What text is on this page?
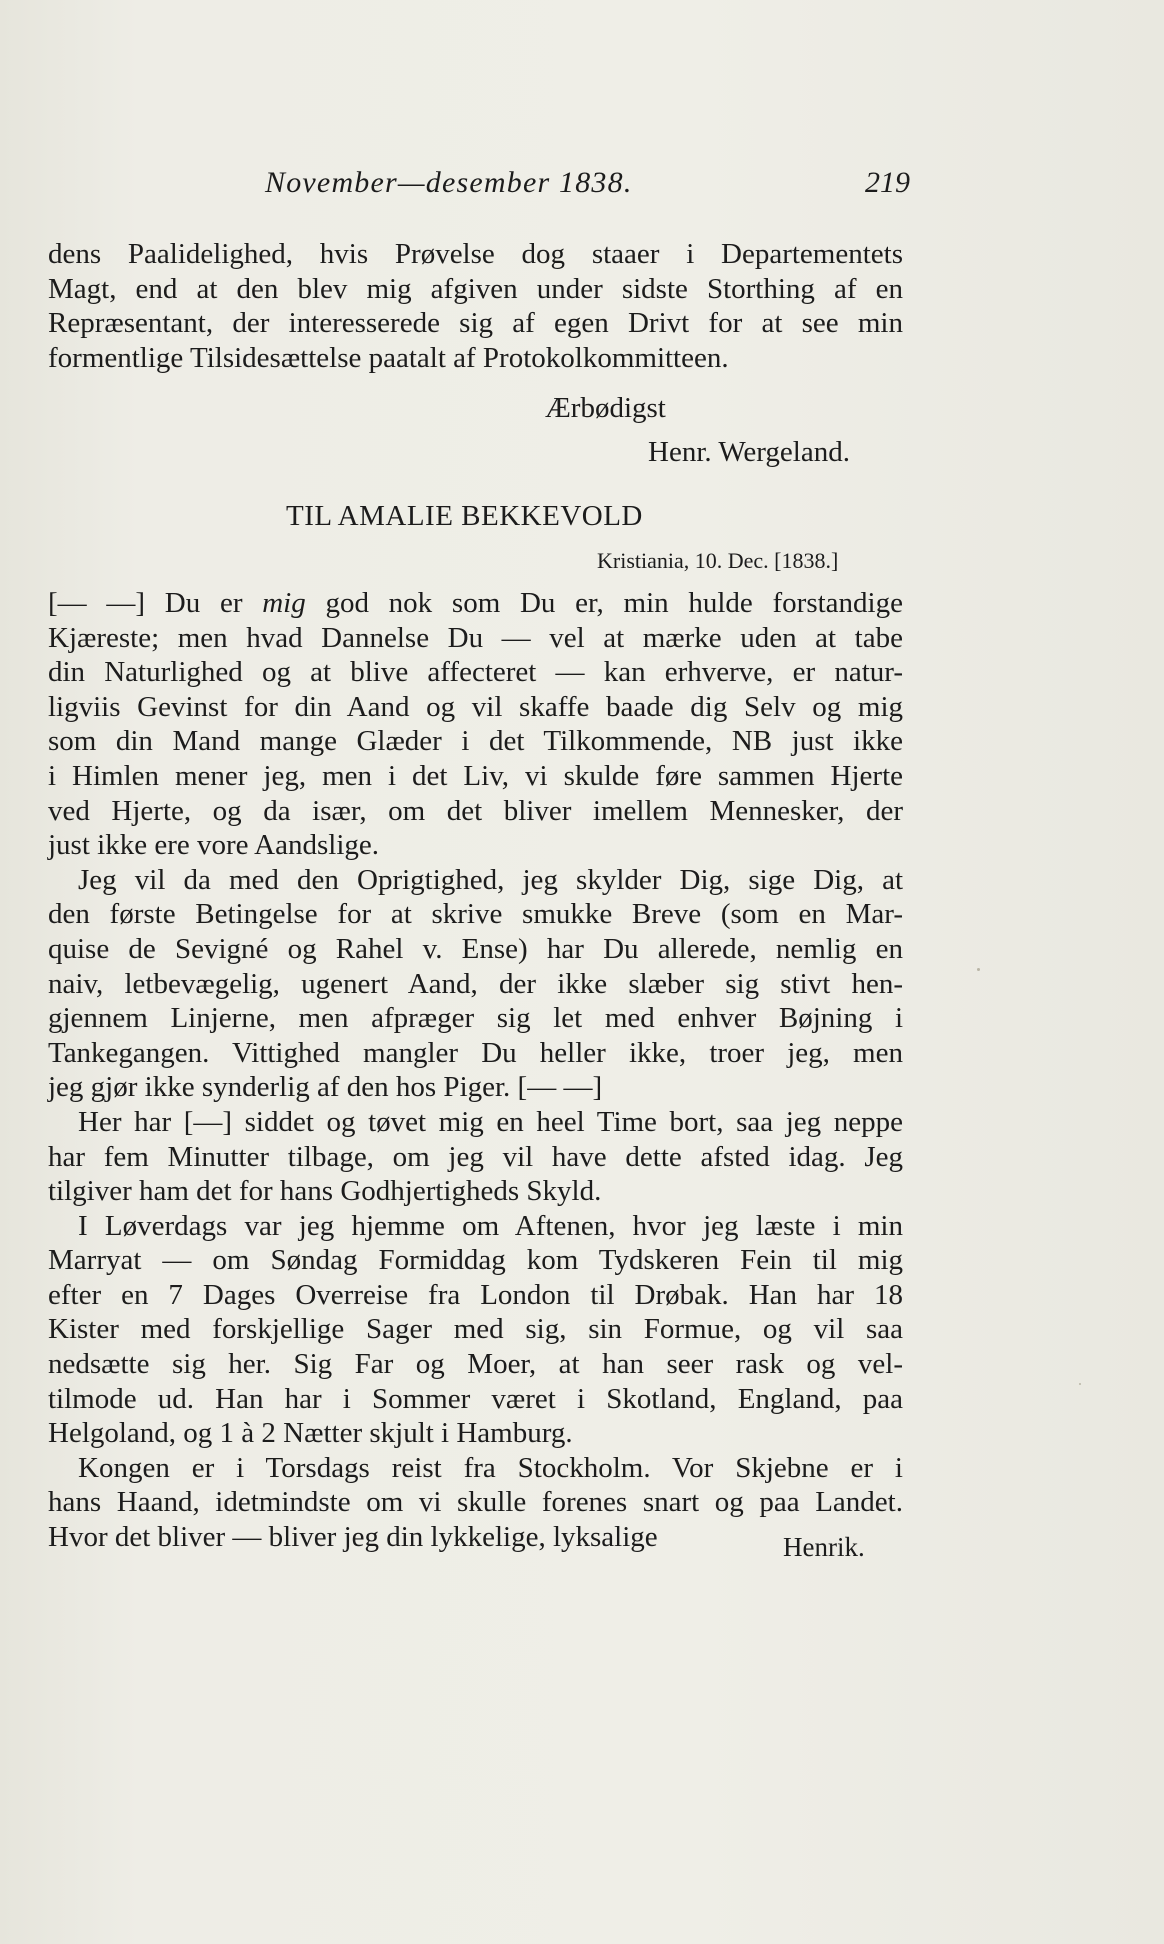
November—desember 1838.	219
dens Paalidelighed, hvis Prøvelse dog staaer i Departementets
Magt, end at den blev mig afgiven under sidste Storthing af en
Repræsentant, der interesserede sig af egen Drivt for at see min
formentlige Tilsidesættelse paatalt af Protokolkommitteen.
Ærbødigst
Henr. Wergeland.
TIL AMALIE BEKKEVOLD
Kristiania, 10. Dec. [1838.]
[— —] Du er mig god nok som Du er, min hulde forstandige
Kjæreste; men hvad Dannelse Du — vel at mærke uden at tabe
din Naturlighed og at blive affecteret — kan erhverve, er natur-
ligviis Gevinst for din Aand og vil skaffe baade dig Selv og mig
som din Mand mange Glæder i det Tilkommende, NB just ikke
i Himlen mener jeg, men i det Liv, vi skulde føre sammen Hjerte
ved Hjerte, og da især, om det bliver imellem Mennesker, der
just ikke ere vore Aandslige.
Jeg vil da med den Oprigtighed, jeg skylder Dig, sige Dig, at
den første Betingelse for at skrive smukke Breve (som en Mar-
quise de Sevigné og Rahel v. Ense) har Du allerede, nemlig en
naiv, letbevægelig, ugenert Aand, der ikke slæber sig stivt hen-
gjennem Linjerne, men afpræger sig let med enhver Bøjning i
Tankegangen. Vittighed mangler Du heller ikke, troer jeg, men
jeg gjør ikke synderlig af den hos Piger. [— —]
Her har [—] siddet og tøvet mig en heel Time bort, saa jeg neppe
har fem Minutter tilbage, om jeg vil have dette afsted idag. Jeg
tilgiver ham det for hans Godhjertigheds Skyld.
I Løverdags var jeg hjemme om Aftenen, hvor jeg læste i min
Marryat — om Søndag Formiddag kom Tydskeren Fein til mig
efter en 7 Dages Overreise fra London til Drøbak. Han har 18
Kister med forskjellige Sager med sig, sin Formue, og vil saa
nedsætte sig her. Sig Far og Moer, at han seer rask og vel-
tilmode ud. Han har i Sommer været i Skotland, England, paa
Helgoland, og 1 à 2 Nætter skjult i Hamburg.
Kongen er i Torsdags reist fra Stockholm. Vor Skjebne er i
hans Haand, idetmindste om vi skulle forenes snart og paa Landet.
Hvor det bliver — bliver jeg din lykkelige, lyksalige	Henrik.
